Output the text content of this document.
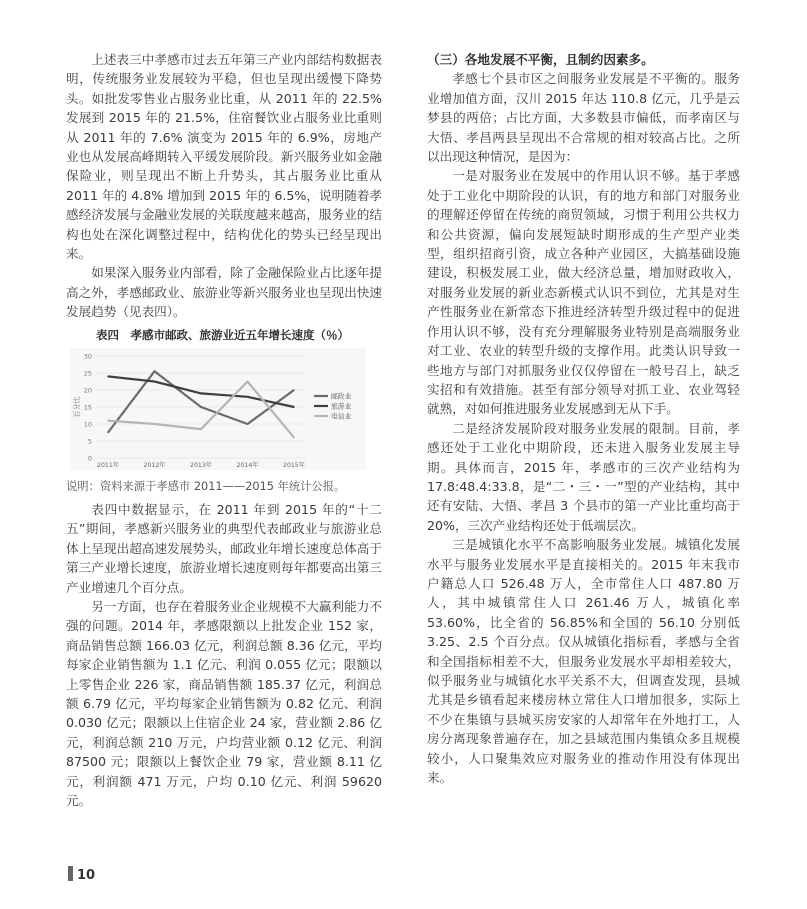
上述表三中孝感市过去五年第三产业内部结构数据表明，传统服务业发展较为平稳，但也呈现出缓慢下降势头。如批发零售业占服务业比重，从 2011 年的 22.5% 发展到 2015 年的 21.5%，住宿餐饮业占服务业比重则从 2011 年的 7.6% 演变为 2015 年的 6.9%，房地产业也从发展高峰期转入平缓发展阶段。新兴服务业如金融保险业，则呈现出不断上升势头，其占服务业比重从 2011 年的 4.8% 增加到 2015 年的 6.5%，说明随着孝感经济发展与金融业发展的关联度越来越高，服务业的结构也处在深化调整过程中，结构优化的势头已经呈现出来。

如果深入服务业内部看，除了金融保险业占比逐年提高之外，孝感邮政业、旅游业等新兴服务业也呈现出快速发展趋势（见表四）。

表四　孝感市邮政、旅游业近五年增长速度（％）
0
5
10
15
20
25
30
百分比
2011年	2012年	2013年	2014年	2015年
邮政业
旅游业
电信业
说明：资料来源于孝感市 2011——2015 年统计公报。

表四中数据显示，在 2011 年到 2015 年的“十二五”期间，孝感新兴服务业的典型代表邮政业与旅游业总体上呈现出超高速发展势头，邮政业年增长速度总体高于第三产业增长速度，旅游业增长速度则每年都要高出第三产业增速几个百分点。

另一方面，也存在着服务业企业规模不大赢利能力不强的问题。2014 年，孝感限额以上批发企业 152 家，商品销售总额 166.03 亿元，利润总额 8.36 亿元，平均每家企业销售额为 1.1 亿元、利润 0.055 亿元；限额以上零售企业 226 家，商品销售额 185.37 亿元，利润总额 6.79 亿元，平均每家企业销售额为 0.82 亿元、利润 0.030 亿元；限额以上住宿企业 24 家，营业额 2.86 亿元，利润总额 210 万元，户均营业额 0.12 亿元、利润 87500 元；限额以上餐饮企业 79 家，营业额 8.11 亿元，利润额 471 万元，户均 0.10 亿元、利润 59620 元。

（三）各地发展不平衡，且制约因素多。

孝感七个县市区之间服务业发展是不平衡的。服务业增加值方面，汉川 2015 年达 110.8 亿元，几乎是云梦县的两倍；占比方面，大多数县市偏低，而孝南区与大悟、孝昌两县呈现出不合常规的相对较高占比。之所以出现这种情况，是因为：

一是对服务业在发展中的作用认识不够。基于孝感处于工业化中期阶段的认识，有的地方和部门对服务业的理解还停留在传统的商贸领域，习惯于利用公共权力和公共资源，偏向发展短缺时期形成的生产型产业类型，组织招商引资，成立各种产业园区，大搞基础设施建设，积极发展工业，做大经济总量，增加财政收入，对服务业发展的新业态新模式认识不到位，尤其是对生产性服务业在新常态下推进经济转型升级过程中的促进作用认识不够，没有充分理解服务业特别是高端服务业对工业、农业的转型升级的支撑作用。此类认识导致一些地方与部门对抓服务业仅仅停留在一般号召上，缺乏实招和有效措施。甚至有部分领导对抓工业、农业驾轻就熟，对如何推进服务业发展感到无从下手。

二是经济发展阶段对服务业发展的限制。目前，孝感还处于工业化中期阶段，还未进入服务业发展主导期。具体而言，2015 年，孝感市的三次产业结构为 17.8:48.4:33.8，是“二・三・一”型的产业结构，其中还有安陆、大悟、孝昌 3 个县市的第一产业比重均高于 20%，三次产业结构还处于低端层次。

三是城镇化水平不高影响服务业发展。城镇化发展水平与服务业发展水平是直接相关的。2015 年末我市户籍总人口 526.48 万人，全市常住人口 487.80 万人，其中城镇常住人口 261.46 万人，城镇化率 53.60%，比全省的 56.85%和全国的 56.10 分别低 3.25、2.5 个百分点。仅从城镇化指标看，孝感与全省和全国指标相差不大，但服务业发展水平却相差较大，似乎服务业与城镇化水平关系不大，但调查发现，县城尤其是乡镇看起来楼房林立常住人口增加很多，实际上不少在集镇与县城买房安家的人却常年在外地打工，人房分离现象普遍存在，加之县域范围内集镇众多且规模较小，人口聚集效应对服务业的推动作用没有体现出来。

10
